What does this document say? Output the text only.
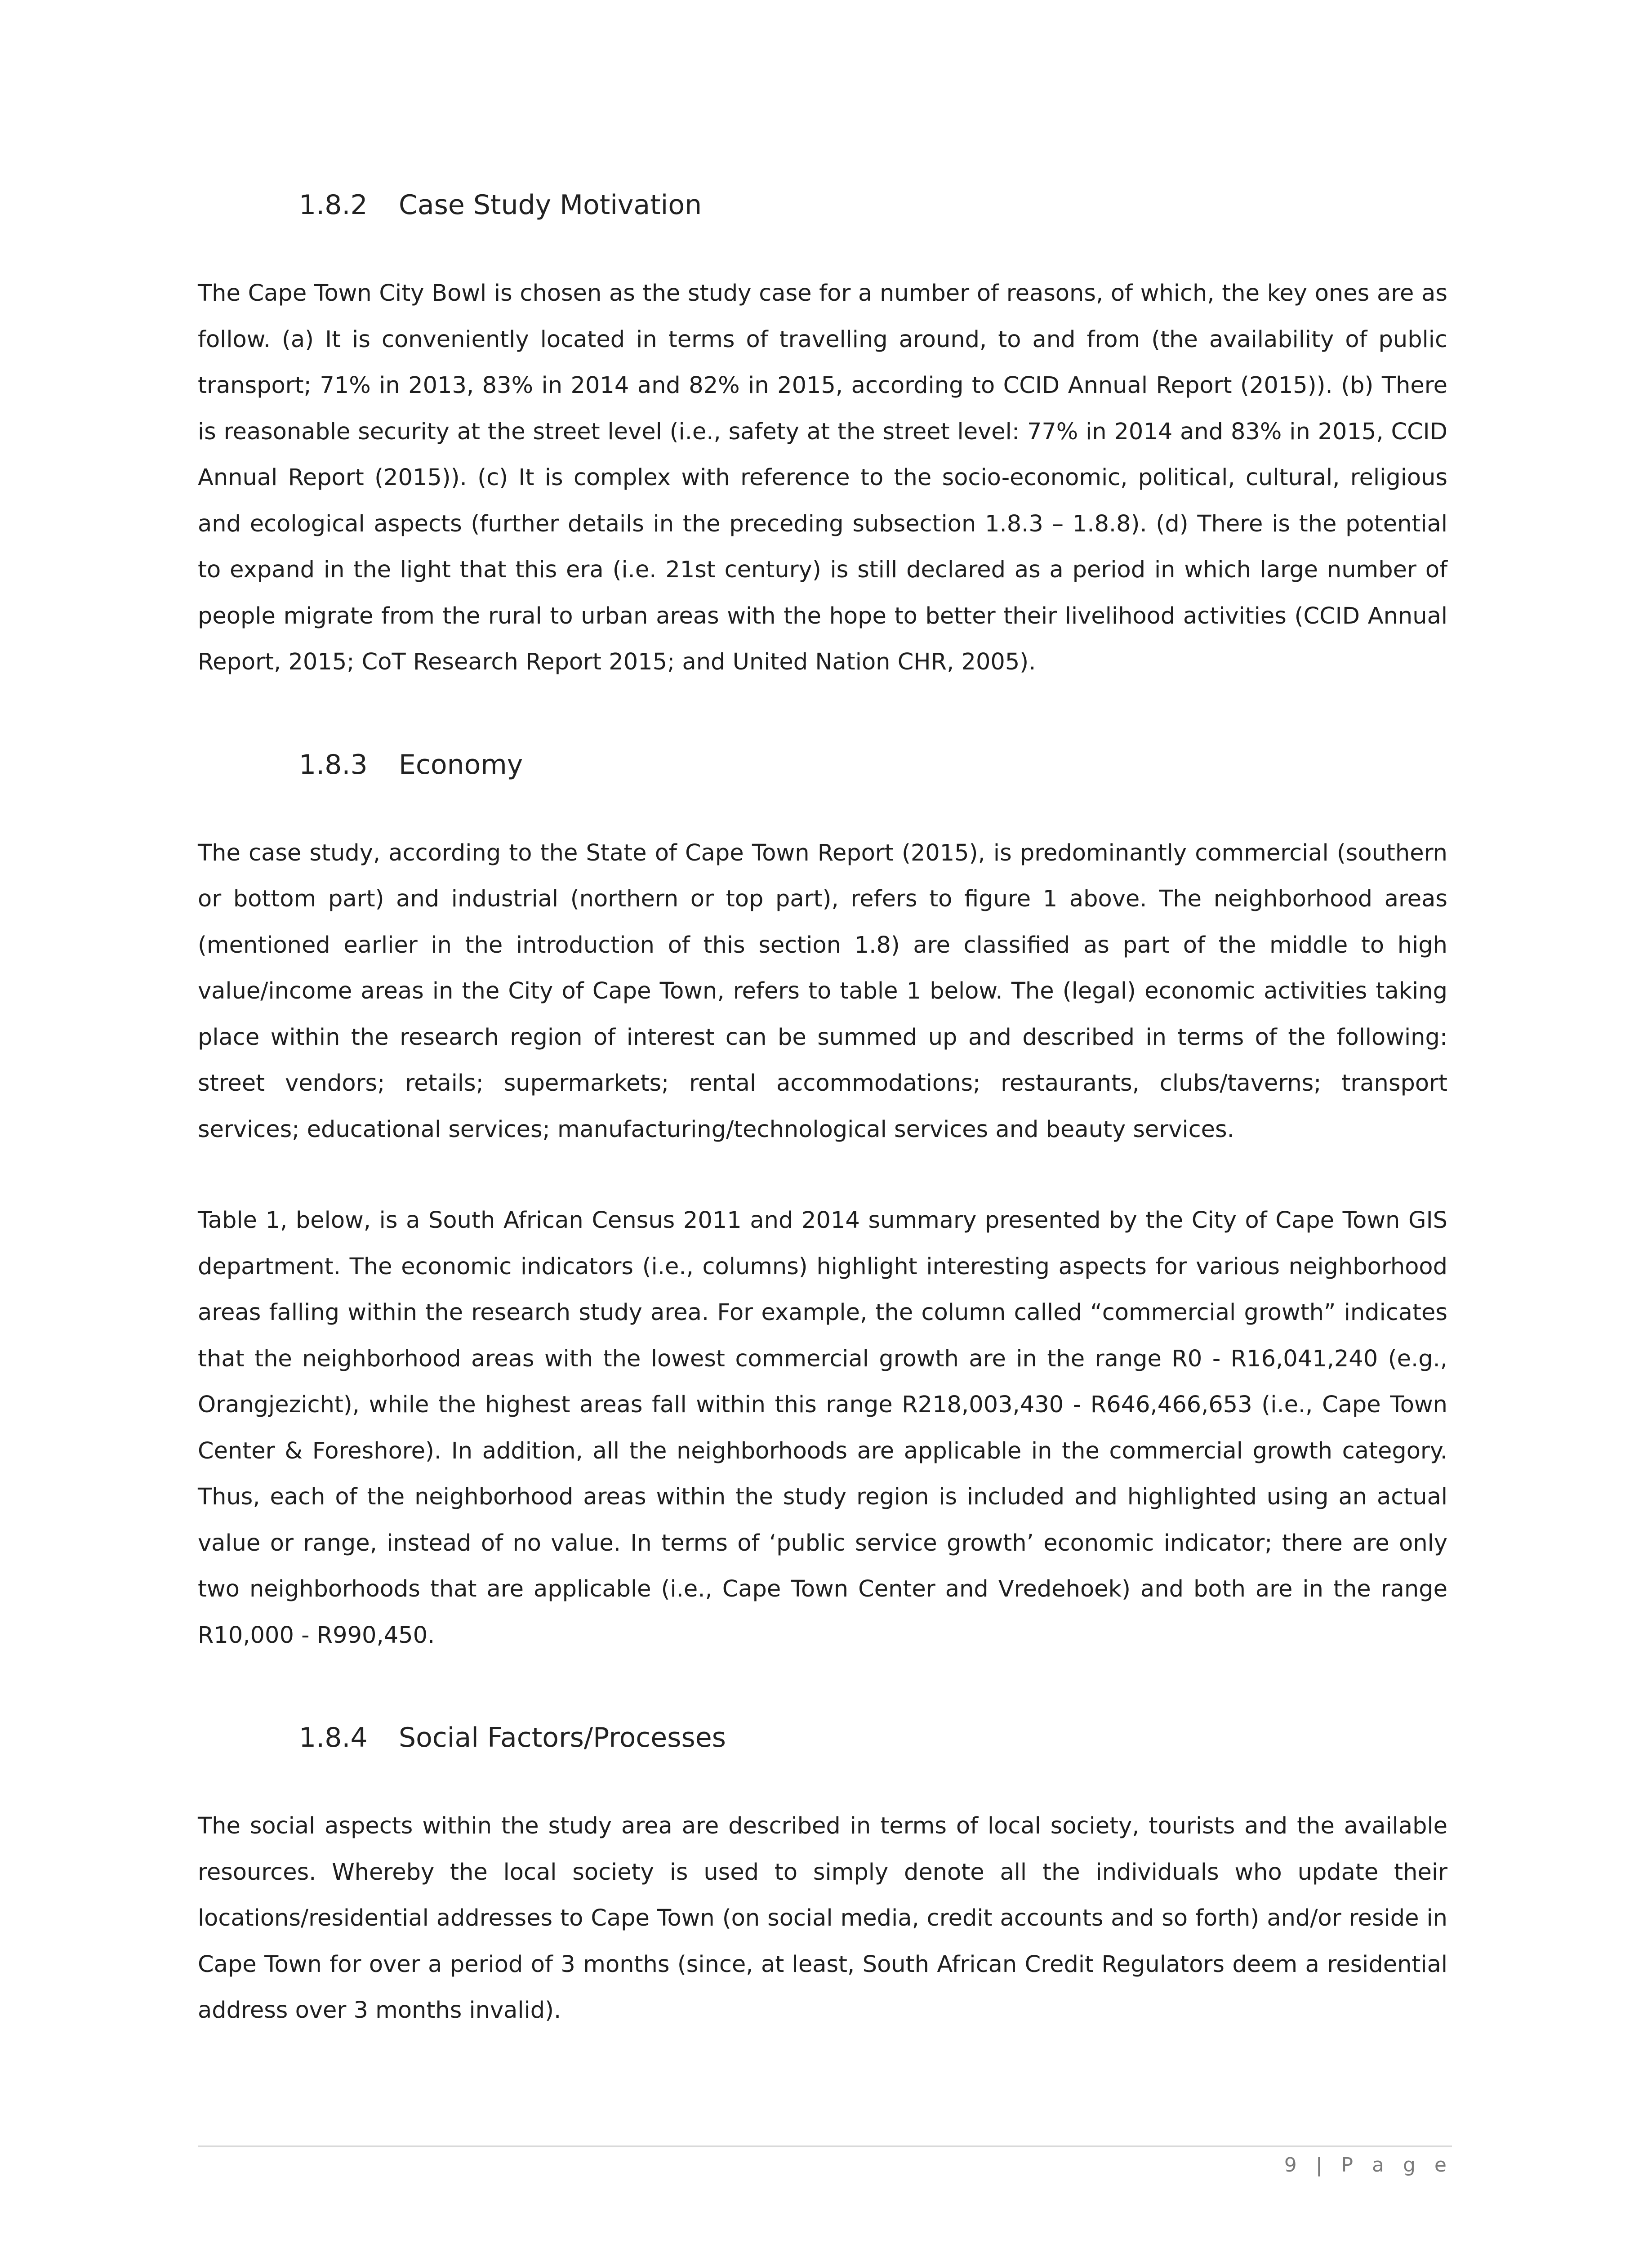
1.8.2 Case Study Motivation

The Cape Town City Bowl is chosen as the study case for a number of reasons, of which, the key ones are as follow. (a) It is conveniently located in terms of travelling around, to and from (the availability of public transport; 71% in 2013, 83% in 2014 and 82% in 2015, according to CCID Annual Report (2015)). (b) There is reasonable security at the street level (i.e., safety at the street level: 77% in 2014 and 83% in 2015, CCID Annual Report (2015)). (c) It is complex with reference to the socio-economic, political, cultural, religious and ecological aspects (further details in the preceding subsection 1.8.3 – 1.8.8). (d) There is the potential to expand in the light that this era (i.e. 21st century) is still declared as a period in which large number of people migrate from the rural to urban areas with the hope to better their livelihood activities (CCID Annual Report, 2015; CoT Research Report 2015; and United Nation CHR, 2005).

1.8.3 Economy

The case study, according to the State of Cape Town Report (2015), is predominantly commercial (southern or bottom part) and industrial (northern or top part), refers to figure 1 above. The neighborhood areas (mentioned earlier in the introduction of this section 1.8) are classified as part of the middle to high value/income areas in the City of Cape Town, refers to table 1 below. The (legal) economic activities taking place within the research region of interest can be summed up and described in terms of the following: street vendors; retails; supermarkets; rental accommodations; restaurants, clubs/taverns; transport services; educational services; manufacturing/technological services and beauty services.

Table 1, below, is a South African Census 2011 and 2014 summary presented by the City of Cape Town GIS department. The economic indicators (i.e., columns) highlight interesting aspects for various neighborhood areas falling within the research study area. For example, the column called “commercial growth” indicates that the neighborhood areas with the lowest commercial growth are in the range R0 - R16,041,240 (e.g., Orangjezicht), while the highest areas fall within this range R218,003,430 - R646,466,653 (i.e., Cape Town Center & Foreshore). In addition, all the neighborhoods are applicable in the commercial growth category. Thus, each of the neighborhood areas within the study region is included and highlighted using an actual value or range, instead of no value. In terms of ‘public service growth’ economic indicator; there are only two neighborhoods that are applicable (i.e., Cape Town Center and Vredehoek) and both are in the range R10,000 - R990,450.

1.8.4 Social Factors/Processes

The social aspects within the study area are described in terms of local society, tourists and the available resources. Whereby the local society is used to simply denote all the individuals who update their locations/residential addresses to Cape Town (on social media, credit accounts and so forth) and/or reside in Cape Town for over a period of 3 months (since, at least, South African Credit Regulators deem a residential address over 3 months invalid).

9 | P a g e
